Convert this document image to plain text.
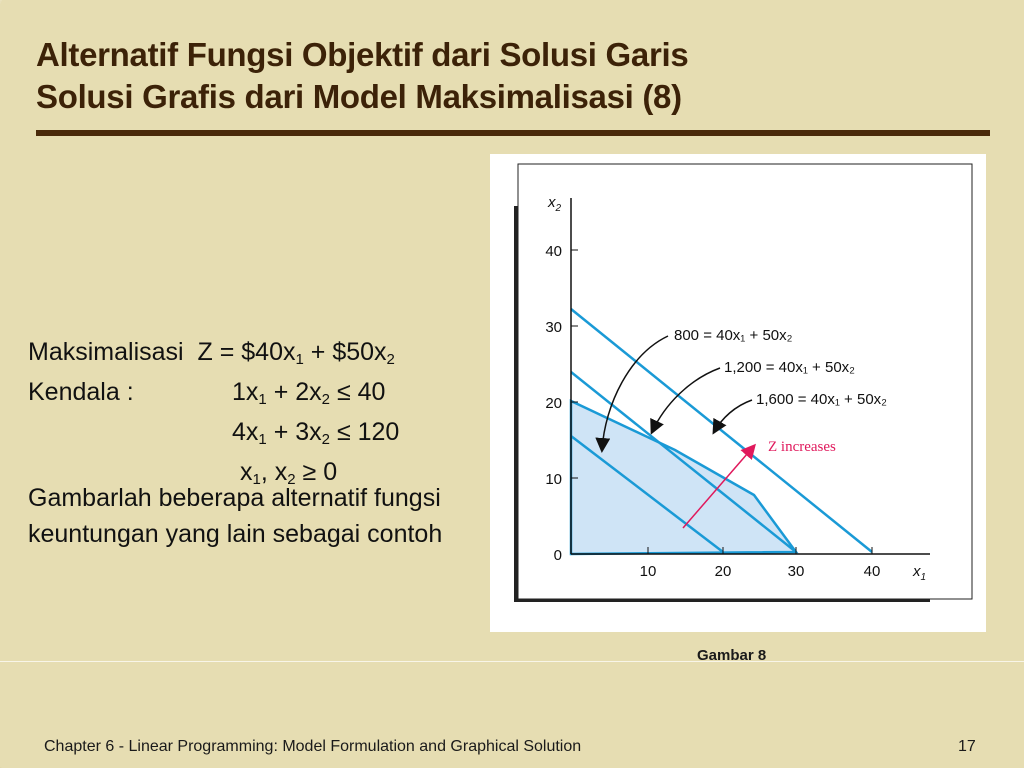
Alternatif Fungsi Objektif dari Solusi Garis
Solusi Grafis dari Model Maksimalisasi (8)
Maksimalisasi $Z = \$40x_1$ + $\$50x_2$
Kendala :	$1x_1 + 2x_2 \le 40$
$4x_1 + 3x_2 \le 120$
$x_1$, $x_2 \ge 0$
Gambarlah beberapa alternatif fungsi keuntungan yang lain sebagai contoh
40
30
20
10
0
10	20	30	40
$x_2$
$x_1$
800 = 40x₁ + 50x₂
1,200 = 40x₁ + 50x₂
1,600 = 40x₁ + 50x₂
Z increases
Gambar 8
Chapter 6 - Linear Programming: Model Formulation and Graphical Solution	17
